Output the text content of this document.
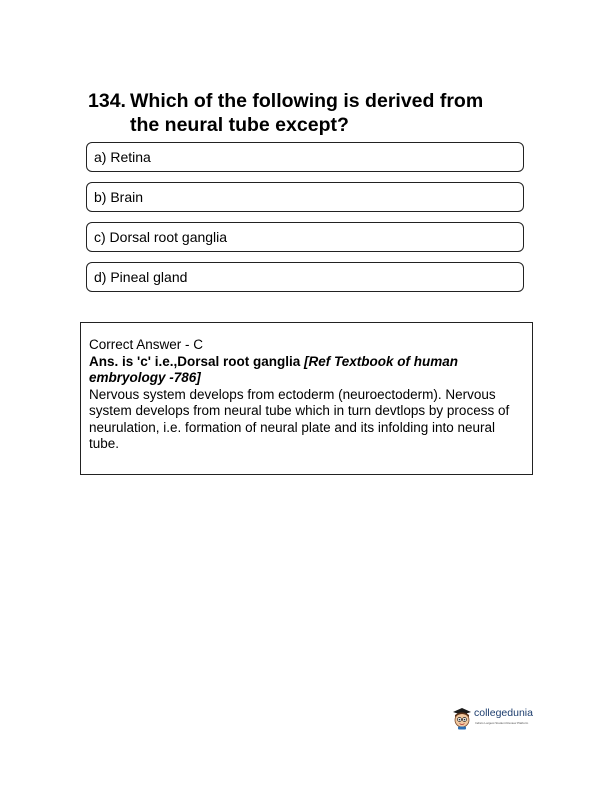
134. Which of the following is derived from
the neural tube except?
a) Retina
b) Brain
c) Dorsal root ganglia
d) Pineal gland
Correct Answer - C
Ans. is 'c' i.e.,Dorsal root ganglia [Ref Textbook of human embryology -786]
Nervous system develops from ectoderm (neuroectoderm). Nervous system develops from neural tube which in turn devtlops by process of neurulation, i.e. formation of neural plate and its infolding into neural tube.
collegedunia
India's Largest Student Review Platform
